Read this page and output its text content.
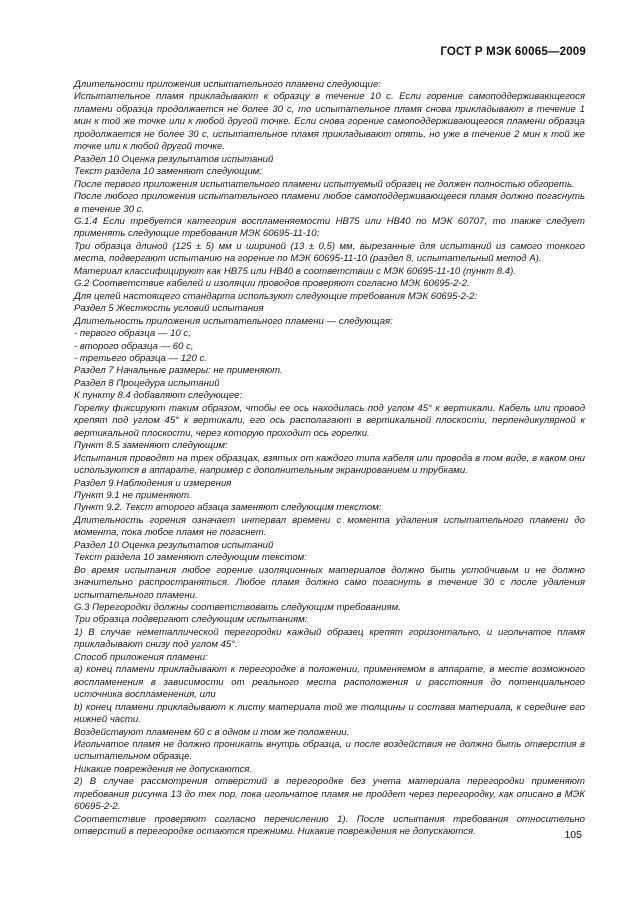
ГОСТ Р МЭК 60065—2009

Длительности приложения испытательного пламени следующие:

Испытательное пламя прикладывают к образцу в течение 10 с. Если горение самоподдерживающегося пламени образца продолжается не более 30 с, то испытательное пламя снова прикладывают в течение 1 мин к той же точке или к любой другой точке. Если снова горение самоподдерживающегося пламени образца продолжается не более 30 с, испытательное пламя прикладывают опять, но уже в течение 2 мин к той же точке или к любой другой точке.

Раздел 10 Оценка результатов испытаний

Текст раздела 10 заменяют следующим:

После первого приложения испытательного пламени испытуемый образец не должен полностью обгореть.

После любого приложения испытательного пламени любое самоподдерживающееся пламя должно погаснуть в течение 30 с.

G.1.4 Если требуется категория воспламеняемости НВ75 или НВ40 по МЭК 60707, то также следует применять следующие требования МЭК 60695-11-10:

Три образца длиной (125 ± 5) мм и шириной (13 ± 0,5) мм, вырезанные для испытаний из самого тонкого места, подвергают испытанию на горение по МЭК 60695-11-10 (раздел 8, испытательный метод А).

Материал классифицируют как НВ75 или НВ40 в соответствии с МЭК 60695-11-10 (пункт 8.4).

G.2 Соответствие кабелей и изоляции проводов проверяют согласно МЭК 60695-2-2.

Для целей настоящего стандарта используют следующие требования МЭК 60695-2-2:

Раздел 5 Жесткость условий испытания

Длительность приложения испытательного пламени — следующая:

- первого образца — 10 с,

- второго образца — 60 с,

- третьего образца — 120 с.

Раздел 7 Начальные размеры: не применяют.

Раздел 8 Процедура испытаний

К пункту 8.4 добавляют следующее:

Горелку фиксируют таким образом, чтобы ее ось находилась под углом 45° к вертикали. Кабель или провод крепят под углом 45° к вертикали, его ось располагают в вертикальной плоскости, перпендикулярной к вертикальной плоскости, через которую проходит ось горелки.

Пункт 8.5 заменяют следующим:

Испытания проводят на трех образцах, взятых от каждого типа кабеля или провода в том виде, в каком они используются в аппарате, например с дополнительным экранированием и трубками.

Раздел 9 Наблюдения и измерения

Пункт 9.1 не применяют.

Пункт 9.2. Текст второго абзаца заменяют следующим текстом:

Длительность горения означает интервал времени с момента удаления испытательного пламени до момента, пока любое пламя не погаснет.

Раздел 10 Оценка результатов испытаний

Текст раздела 10 заменяют следующим текстом:

Во время испытания любое горение изоляционных материалов должно быть устойчивым и не должно значительно распространяться. Любое пламя должно само погаснуть в течение 30 с после удаления испытательного пламени.

G.3 Перегородки должны соответствовать следующим требованиям.

Три образца подвергают следующим испытаниям:

1) В случае неметаллической перегородки каждый образец крепят горизонтально, и игольчатое пламя прикладывают снизу под углом 45°.

Способ приложения пламени:

а) конец пламени прикладывают к перегородке в положении, применяемом в аппарате, в месте возможного воспламенения в зависимости от реального места расположения и расстояния до потенциального источника воспламенения, или

b) конец пламени прикладывают к листу материала той же толщины и состава материала, к середине его нижней части.

Воздействуют пламенем 60 с в одном и том же положении.

Игольчатое пламя не должно проникать внутрь образца, и после воздействия не должно быть отверстия в испытательном образце.

Никакие повреждения не допускаются.

2) В случае рассмотрения отверстий в перегородке без учета материала перегородки применяют требования рисунка 13 до тех пор, пока игольчатое пламя не пройдет через перегородку, как описано в МЭК 60695-2-2.

Соответствие проверяют согласно перечислению 1). После испытания требования относительно отверстий в перегородке остаются прежними. Никакие повреждения не допускаются.	105
